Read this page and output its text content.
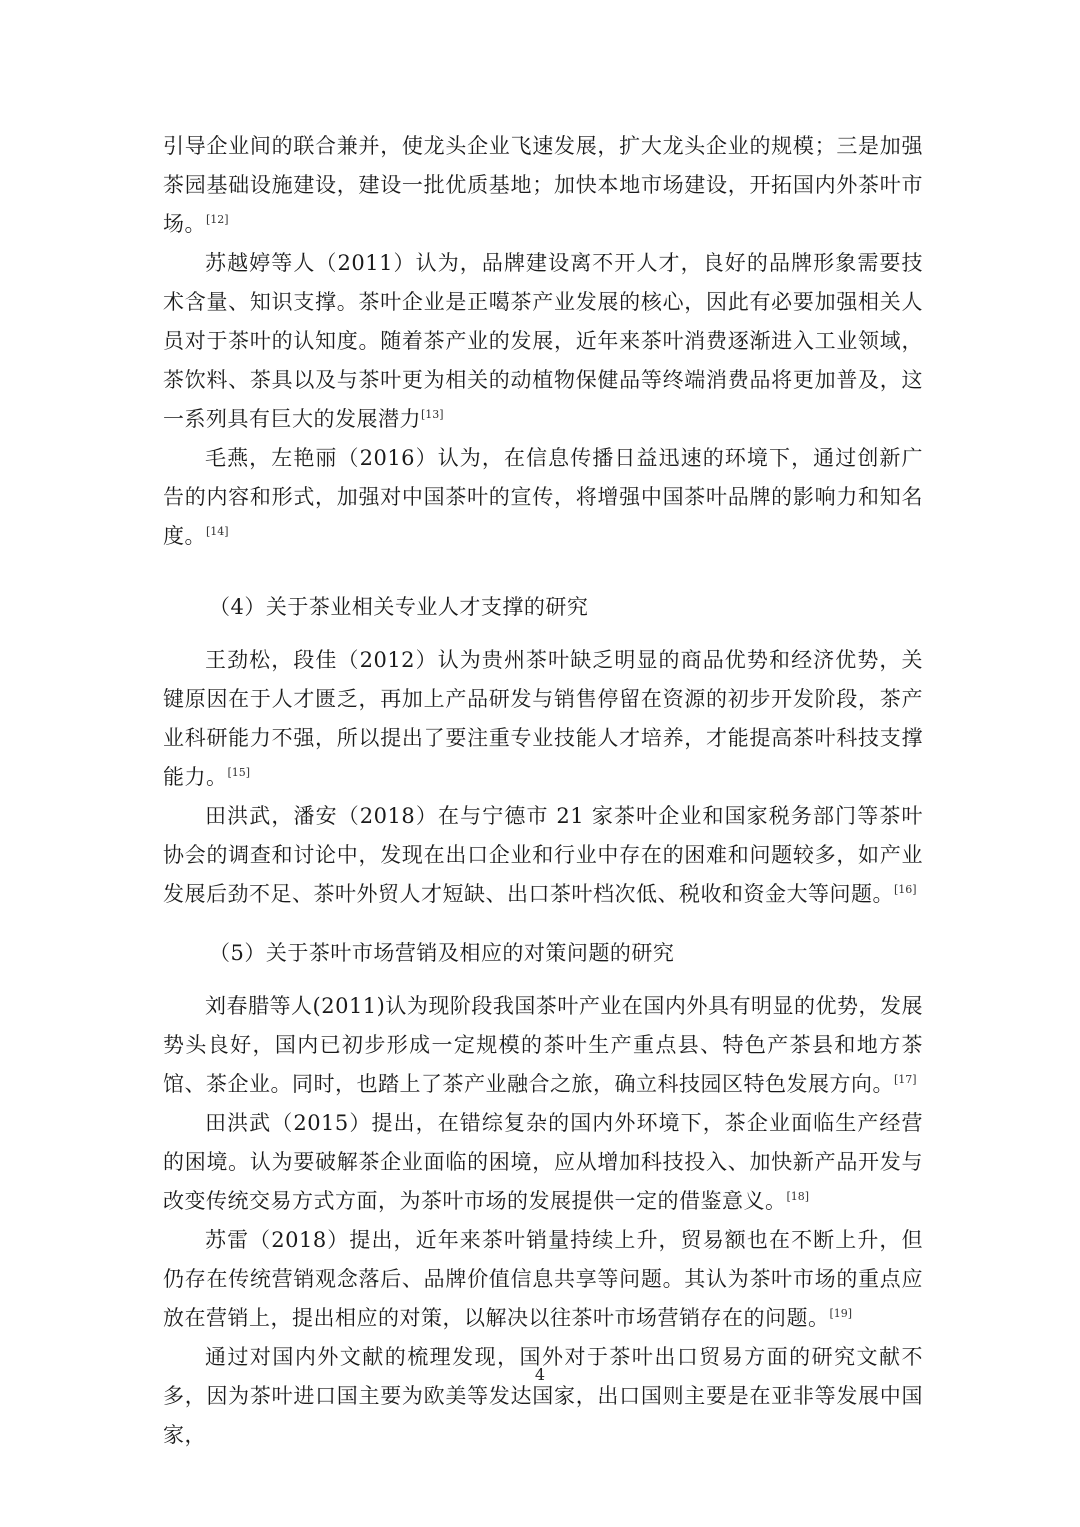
引导企业间的联合兼并，使龙头企业飞速发展，扩大龙头企业的规模；三是加强茶园基础设施建设，建设一批优质基地；加快本地市场建设，开拓国内外茶叶市场。[12]

苏越婷等人（2011）认为，品牌建设离不开人才，良好的品牌形象需要技术含量、知识支撑。茶叶企业是正噶茶产业发展的核心，因此有必要加强相关人员对于茶叶的认知度。随着茶产业的发展，近年来茶叶消费逐渐进入工业领域，茶饮料、茶具以及与茶叶更为相关的动植物保健品等终端消费品将更加普及，这一系列具有巨大的发展潜力[13]

毛燕，左艳丽（2016）认为，在信息传播日益迅速的环境下，通过创新广告的内容和形式，加强对中国茶叶的宣传，将增强中国茶叶品牌的影响力和知名度。[14]

（4）关于茶业相关专业人才支撑的研究

王劲松，段佳（2012）认为贵州茶叶缺乏明显的商品优势和经济优势，关键原因在于人才匮乏，再加上产品研发与销售停留在资源的初步开发阶段，茶产业科研能力不强，所以提出了要注重专业技能人才培养，才能提高茶叶科技支撑能力。[15]

田洪武，潘安（2018）在与宁德市 21 家茶叶企业和国家税务部门等茶叶协会的调查和讨论中，发现在出口企业和行业中存在的困难和问题较多，如产业发展后劲不足、茶叶外贸人才短缺、出口茶叶档次低、税收和资金大等问题。[16]

（5）关于茶叶市场营销及相应的对策问题的研究

刘春腊等人(2011)认为现阶段我国茶叶产业在国内外具有明显的优势，发展势头良好，国内已初步形成一定规模的茶叶生产重点县、特色产茶县和地方茶馆、茶企业。同时，也踏上了茶产业融合之旅，确立科技园区特色发展方向。[17]

田洪武（2015）提出，在错综复杂的国内外环境下，茶企业面临生产经营的困境。认为要破解茶企业面临的困境，应从增加科技投入、加快新产品开发与改变传统交易方式方面，为茶叶市场的发展提供一定的借鉴意义。[18]

苏雷（2018）提出，近年来茶叶销量持续上升，贸易额也在不断上升，但仍存在传统营销观念落后、品牌价值信息共享等问题。其认为茶叶市场的重点应放在营销上，提出相应的对策，以解决以往茶叶市场营销存在的问题。[19]

通过对国内外文献的梳理发现，国外对于茶叶出口贸易方面的研究文献不多，因为茶叶进口国主要为欧美等发达国家，出口国则主要是在亚非等发展中国家，

4
